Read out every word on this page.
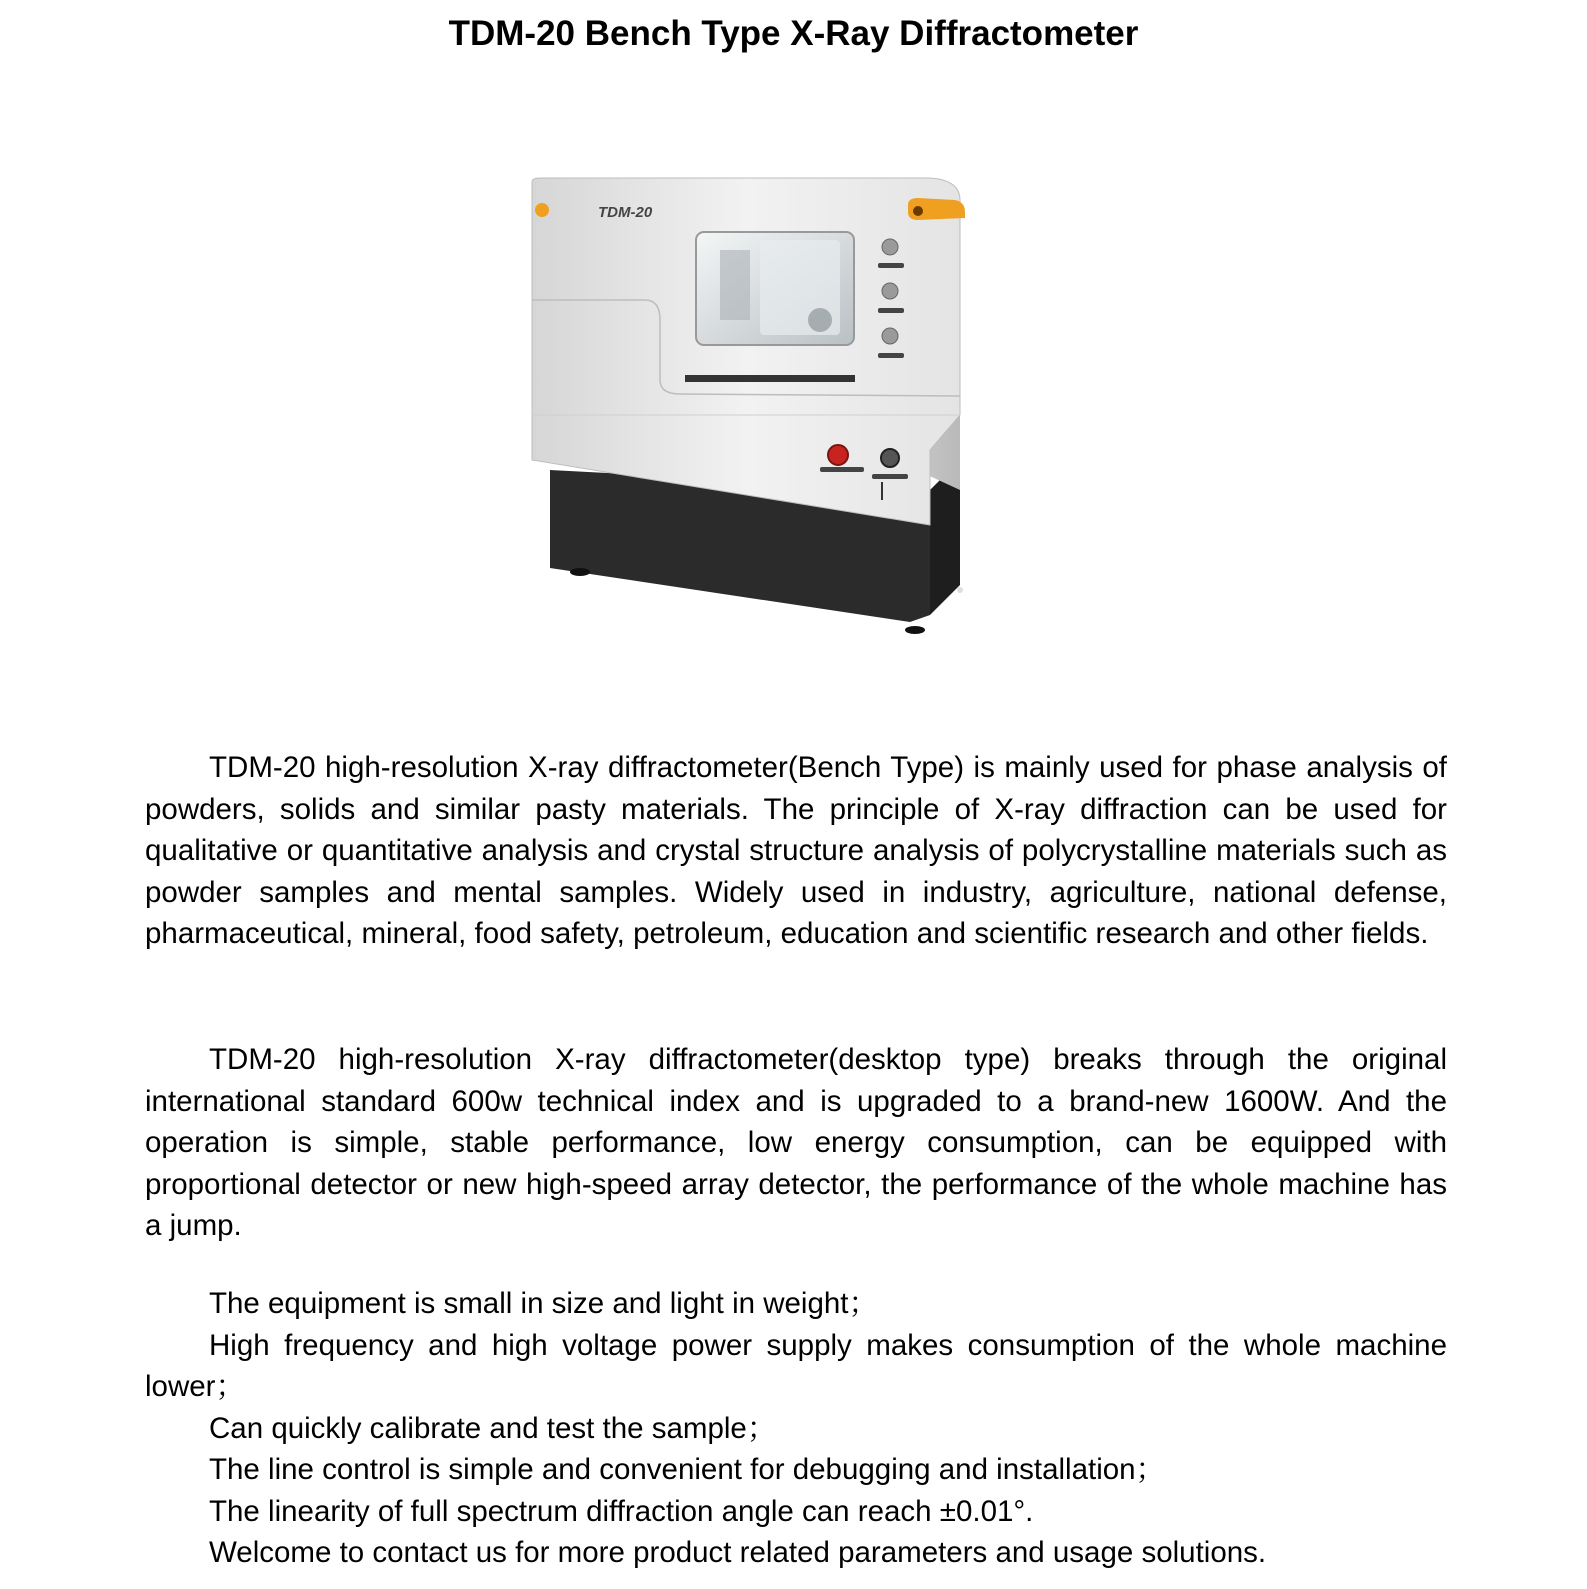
TDM-20 Bench Type X-Ray Diffractometer
TDM-20

TDM-20 high-resolution X-ray diffractometer(Bench Type) is mainly used for phase analysis of powders, solids and similar pasty materials. The principle of X-ray diffraction can be used for qualitative or quantitative analysis and crystal structure analysis of polycrystalline materials such as powder samples and mental samples. Widely used in industry, agriculture, national defense, pharmaceutical, mineral, food safety, petroleum, education and scientific research and other fields.

TDM-20 high-resolution X-ray diffractometer(desktop type) breaks through the original international standard 600w technical index and is upgraded to a brand-new 1600W. And the operation is simple, stable performance, low energy consumption, can be equipped with proportional detector or new high-speed array detector, the performance of the whole machine has a jump.

The equipment is small in size and light in weight；

High frequency and high voltage power supply makes consumption of the whole machine lower；

Can quickly calibrate and test the sample；

The line control is simple and convenient for debugging and installation；

The linearity of full spectrum diffraction angle can reach ±0.01°.

Welcome to contact us for more product related parameters and usage solutions.
